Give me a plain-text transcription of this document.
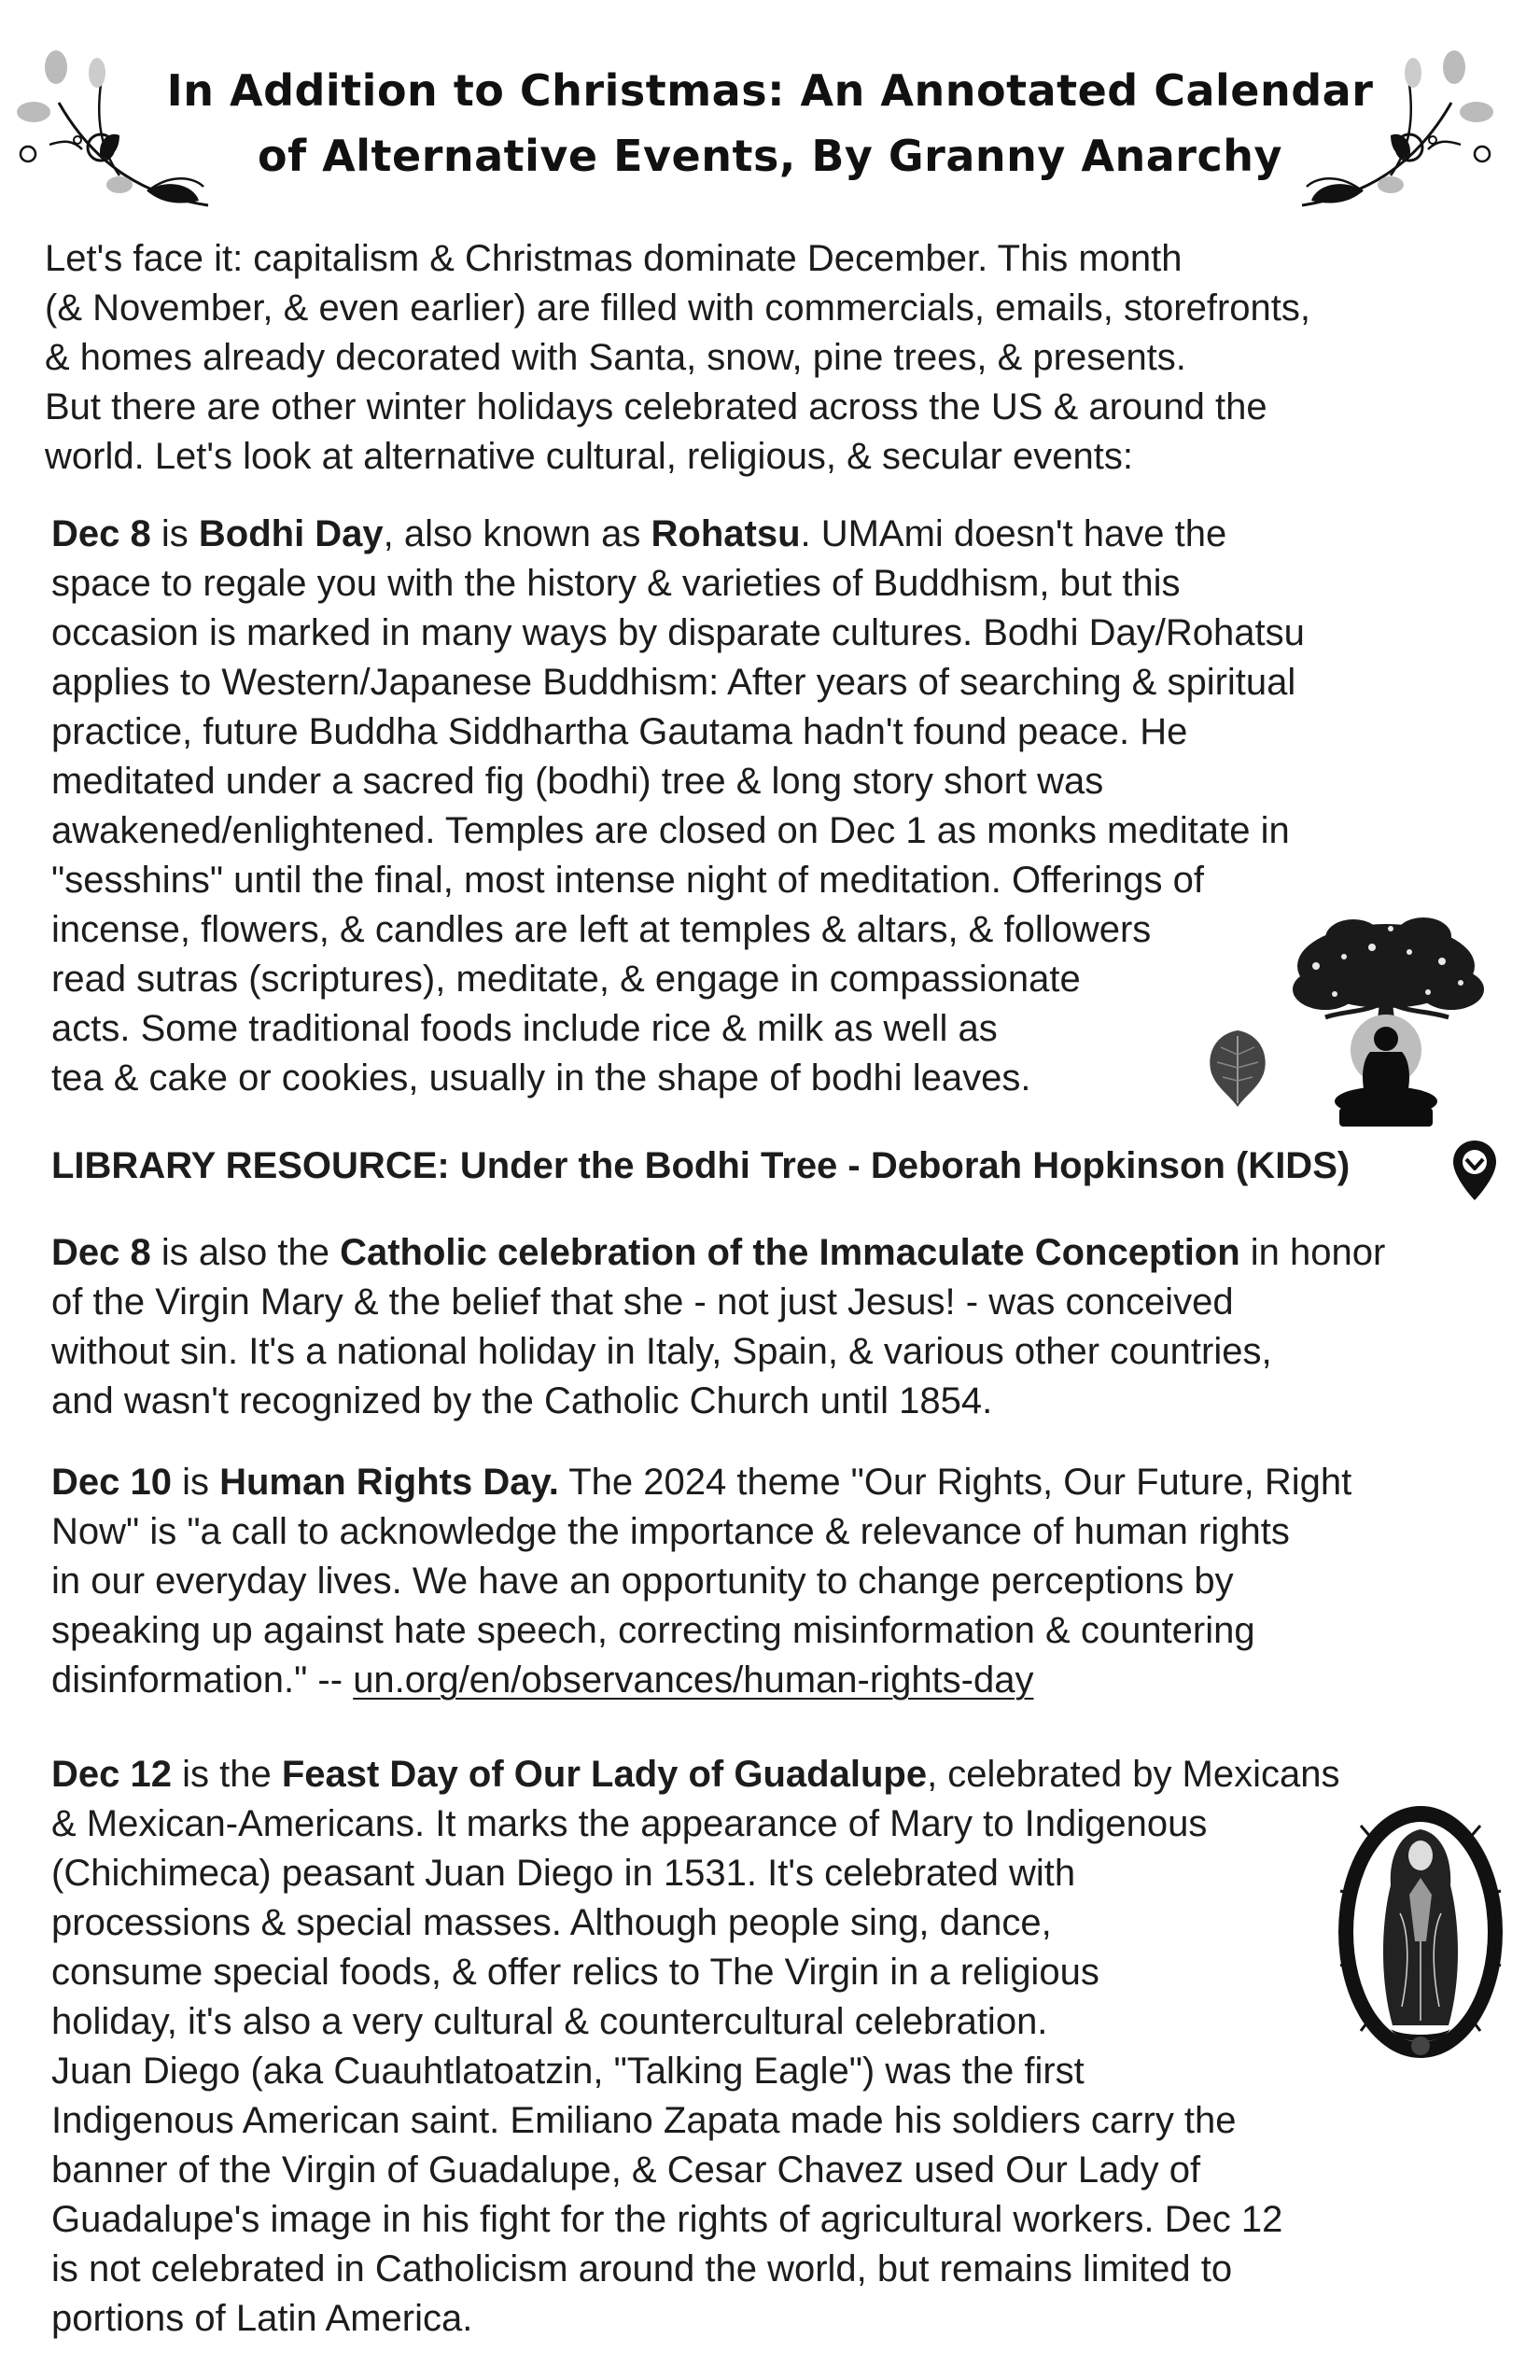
In Addition to Christmas: An Annotated Calendar
of Alternative Events, By Granny Anarchy
Let's face it: capitalism & Christmas dominate December. This month
(& November, & even earlier) are filled with commercials, emails, storefronts,
& homes already decorated with Santa, snow, pine trees, & presents.
But there are other winter holidays celebrated across the US & around the
world. Let's look at alternative cultural, religious, & secular events:
Dec 8 is Bodhi Day, also known as Rohatsu. UMAmi doesn't have the
space to regale you with the history & varieties of Buddhism, but this
occasion is marked in many ways by disparate cultures. Bodhi Day/Rohatsu
applies to Western/Japanese Buddhism: After years of searching & spiritual
practice, future Buddha Siddhartha Gautama hadn't found peace. He
meditated under a sacred fig (bodhi) tree & long story short was
awakened/enlightened. Temples are closed on Dec 1 as monks meditate in
"sesshins" until the final, most intense night of meditation. Offerings of
incense, flowers, & candles are left at temples & altars, & followers
read sutras (scriptures), meditate, & engage in compassionate
acts. Some traditional foods include rice & milk as well as
tea & cake or cookies, usually in the shape of bodhi leaves.
LIBRARY RESOURCE: Under the Bodhi Tree - Deborah Hopkinson (KIDS)
Dec 8 is also the Catholic celebration of the Immaculate Conception in honor
of the Virgin Mary & the belief that she - not just Jesus! - was conceived
without sin. It's a national holiday in Italy, Spain, & various other countries,
and wasn't recognized by the Catholic Church until 1854.
Dec 10 is Human Rights Day. The 2024 theme "Our Rights, Our Future, Right
Now" is "a call to acknowledge the importance & relevance of human rights
in our everyday lives. We have an opportunity to change perceptions by
speaking up against hate speech, correcting misinformation & countering
disinformation." -- un.org/en/observances/human-rights-day
Dec 12 is the Feast Day of Our Lady of Guadalupe, celebrated by Mexicans
& Mexican-Americans. It marks the appearance of Mary to Indigenous
(Chichimeca) peasant Juan Diego in 1531. It's celebrated with
processions & special masses. Although people sing, dance,
consume special foods, & offer relics to The Virgin in a religious
holiday, it's also a very cultural & countercultural celebration.
Juan Diego (aka Cuauhtlatoatzin, "Talking Eagle") was the first
Indigenous American saint. Emiliano Zapata made his soldiers carry the
banner of the Virgin of Guadalupe, & Cesar Chavez used Our Lady of
Guadalupe's image in his fight for the rights of agricultural workers. Dec 12
is not celebrated in Catholicism around the world, but remains limited to
portions of Latin America.
